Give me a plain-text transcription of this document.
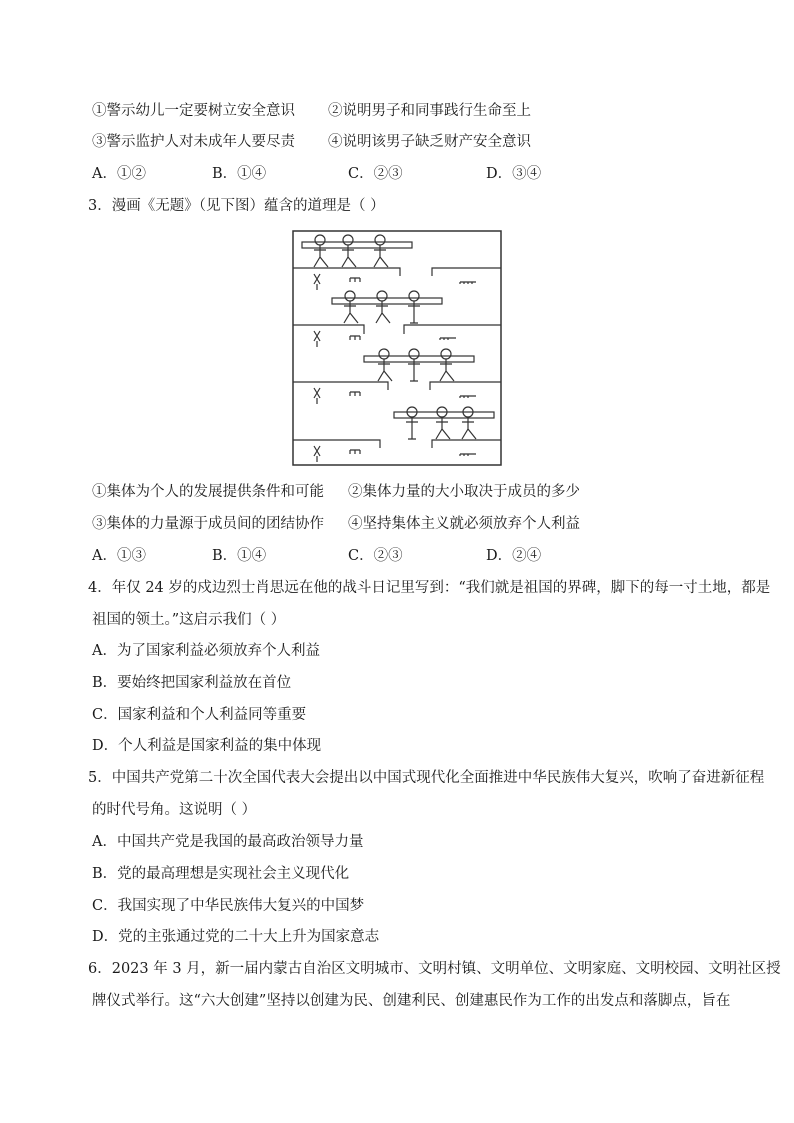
①警示幼儿一定要树立安全意识 ②说明男子和同事践行生命至上
③警示监护人对未成年人要尽责 ④说明该男子缺乏财产安全意识
A．①②	B．①④	C．②③	D．③④
3．漫画《无题》（见下图）蕴含的道理是（ ）
①集体为个人的发展提供条件和可能 ②集体力量的大小取决于成员的多少
③集体的力量源于成员间的团结协作 ④坚持集体主义就必须放弃个人利益
A．①③	B．①④	C．②③	D．②④
4．年仅 24 岁的戍边烈士肖思远在他的战斗日记里写到：“我们就是祖国的界碑，脚下的每一寸土地，都是
祖国的领土。”这启示我们（ ）
A．为了国家利益必须放弃个人利益
B．要始终把国家利益放在首位
C．国家利益和个人利益同等重要
D．个人利益是国家利益的集中体现
5．中国共产党第二十次全国代表大会提出以中国式现代化全面推进中华民族伟大复兴，吹响了奋进新征程
的时代号角。这说明（ ）
A．中国共产党是我国的最高政治领导力量
B．党的最高理想是实现社会主义现代化
C．我国实现了中华民族伟大复兴的中国梦
D．党的主张通过党的二十大上升为国家意志
6．2023 年 3 月，新一届内蒙古自治区文明城市、文明村镇、文明单位、文明家庭、文明校园、文明社区授
牌仪式举行。这“六大创建”坚持以创建为民、创建利民、创建惠民作为工作的出发点和落脚点，旨在
